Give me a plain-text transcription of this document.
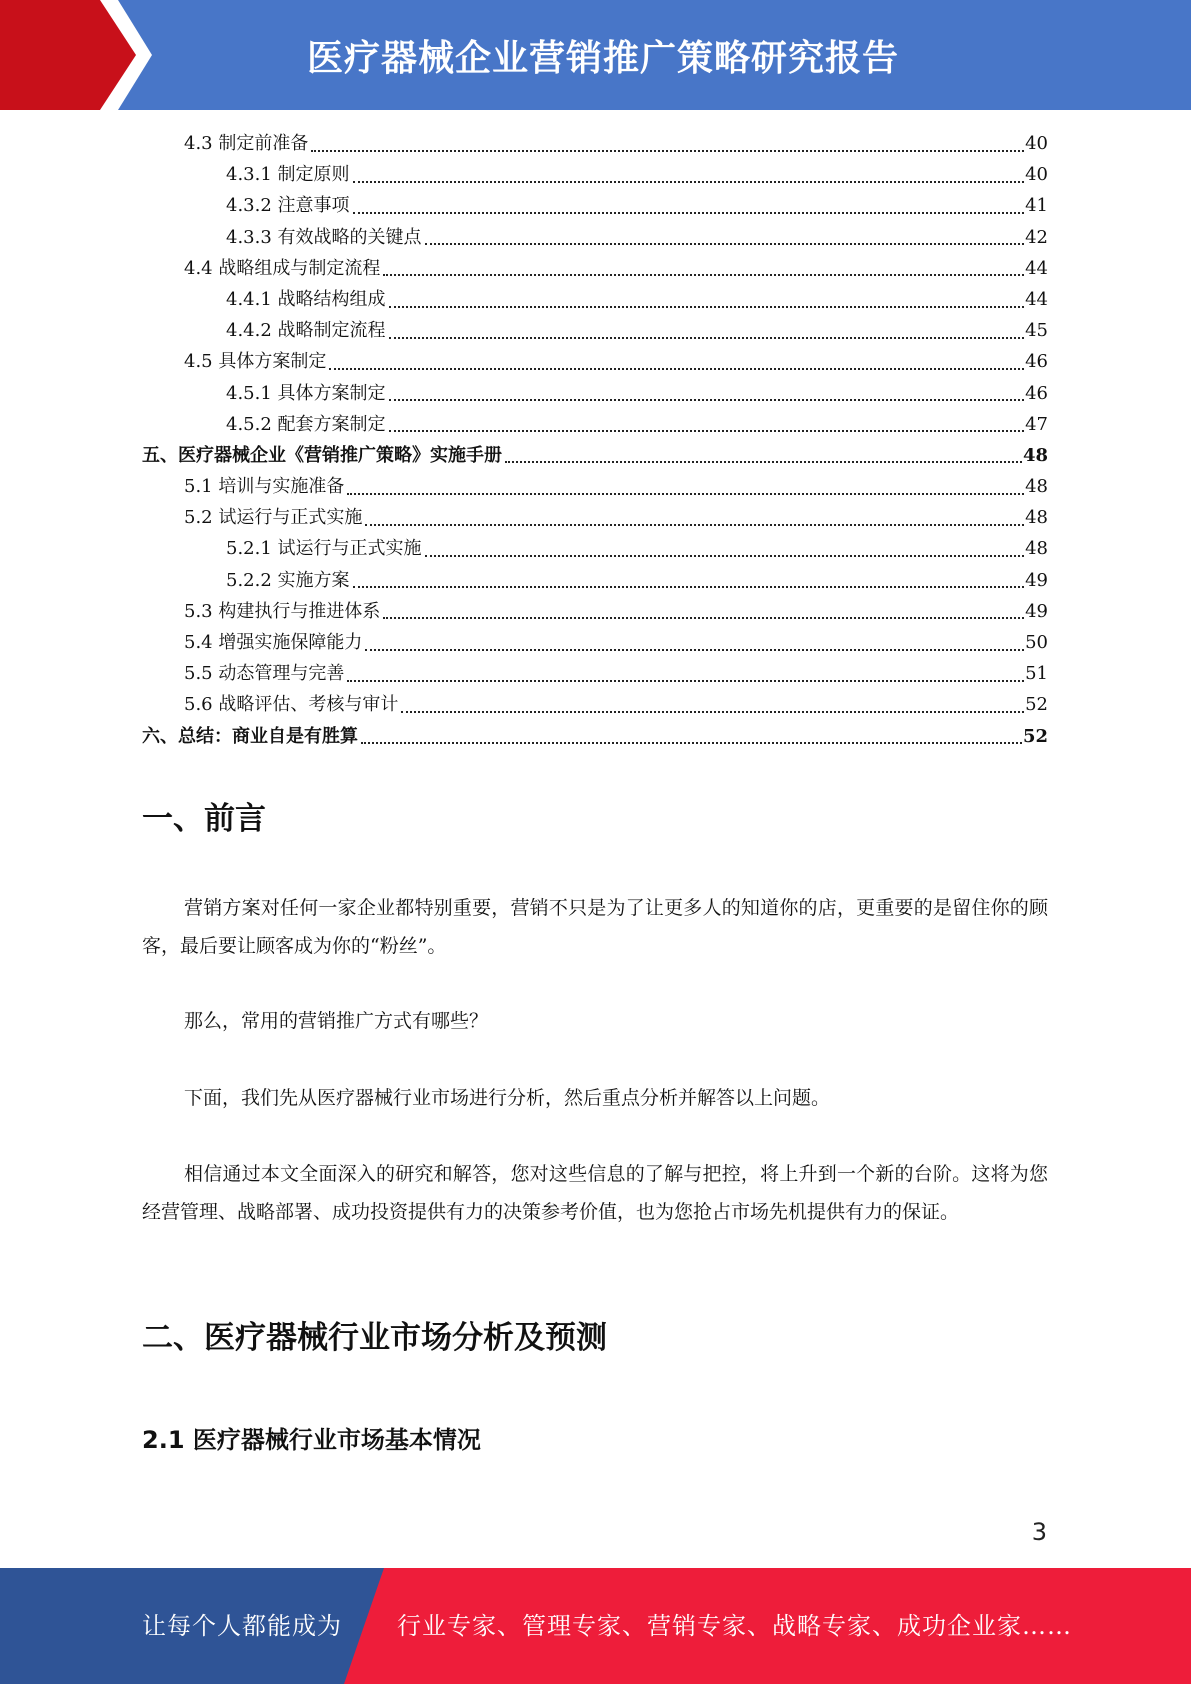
医疗器械企业营销推广策略研究报告
4.3 制定前准备	40
4.3.1 制定原则	40
4.3.2 注意事项	41
4.3.3 有效战略的关键点	42
4.4 战略组成与制定流程	44
4.4.1 战略结构组成	44
4.4.2 战略制定流程	45
4.5 具体方案制定	46
4.5.1 具体方案制定	46
4.5.2 配套方案制定	47
五、医疗器械企业《营销推广策略》实施手册	48
5.1 培训与实施准备	48
5.2 试运行与正式实施	48
5.2.1 试运行与正式实施	48
5.2.2 实施方案	49
5.3 构建执行与推进体系	49
5.4 增强实施保障能力	50
5.5 动态管理与完善	51
5.6 战略评估、考核与审计	52
六、总结：商业自是有胜算	52
一、前言

营销方案对任何一家企业都特别重要，营销不只是为了让更多人的知道你的店，更重要的是留住你的顾客，最后要让顾客成为你的“粉丝”。

那么，常用的营销推广方式有哪些？

下面，我们先从医疗器械行业市场进行分析，然后重点分析并解答以上问题。

相信通过本文全面深入的研究和解答，您对这些信息的了解与把控，将上升到一个新的台阶。这将为您经营管理、战略部署、成功投资提供有力的决策参考价值，也为您抢占市场先机提供有力的保证。

二、医疗器械行业市场分析及预测
2.1 医疗器械行业市场基本情况
3
让每个人都能成为 行业专家、管理专家、营销专家、战略专家、成功企业家……
